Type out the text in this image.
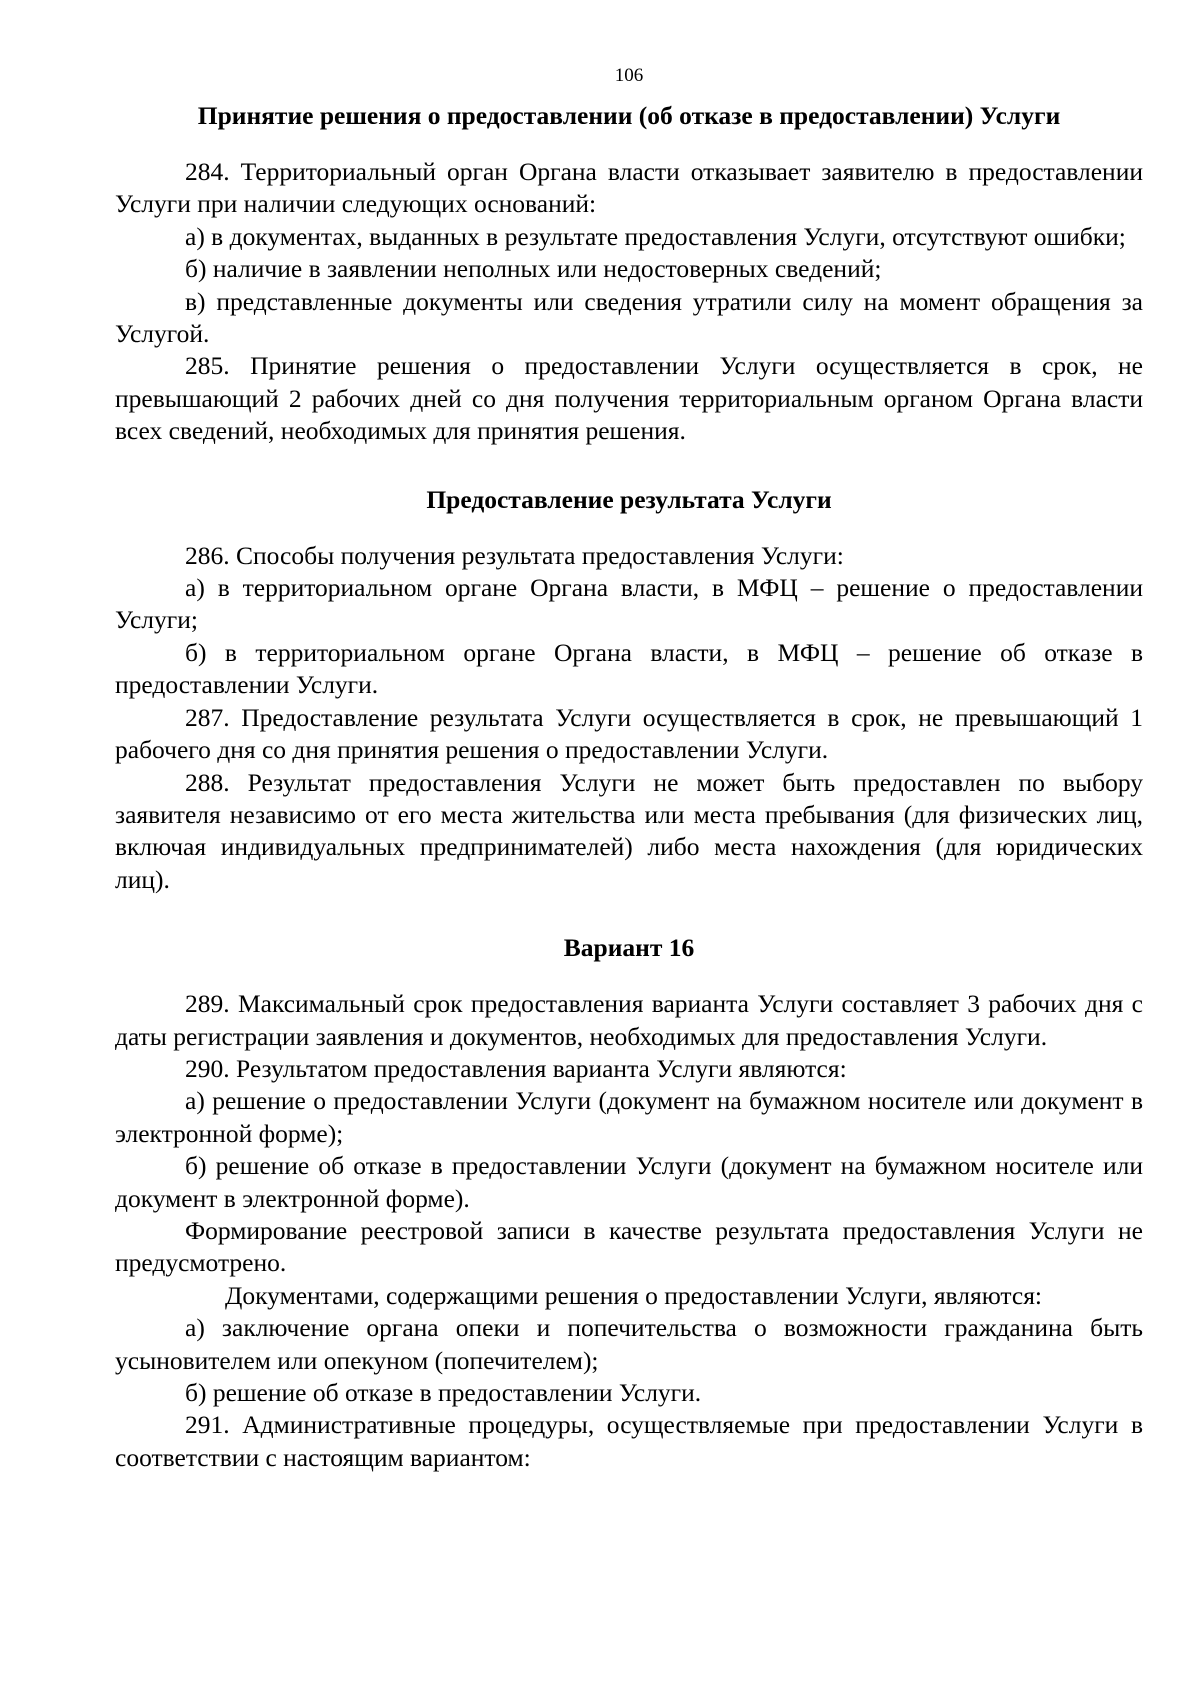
106
Принятие решения о предоставлении (об отказе в предоставлении) Услуги

284. Территориальный орган Органа власти отказывает заявителю в предоставлении Услуги при наличии следующих оснований:

а) в документах, выданных в результате предоставления Услуги, отсутствуют ошибки;

б) наличие в заявлении неполных или недостоверных сведений;

в) представленные документы или сведения утратили силу на момент обращения за Услугой.

285. Принятие решения о предоставлении Услуги осуществляется в срок, не превышающий 2 рабочих дней со дня получения территориальным органом Органа власти всех сведений, необходимых для принятия решения.

Предоставление результата Услуги

286. Способы получения результата предоставления Услуги:

а) в территориальном органе Органа власти, в МФЦ – решение о предоставлении Услуги;

б) в территориальном органе Органа власти, в МФЦ – решение об отказе в предоставлении Услуги.

287. Предоставление результата Услуги осуществляется в срок, не превышающий 1 рабочего дня со дня принятия решения о предоставлении Услуги.

288. Результат предоставления Услуги не может быть предоставлен по выбору заявителя независимо от его места жительства или места пребывания (для физических лиц, включая индивидуальных предпринимателей) либо места нахождения (для юридических лиц).

Вариант 16

289. Максимальный срок предоставления варианта Услуги составляет 3 рабочих дня с даты регистрации заявления и документов, необходимых для предоставления Услуги.

290. Результатом предоставления варианта Услуги являются:

а) решение о предоставлении Услуги (документ на бумажном носителе или документ в электронной форме);

б) решение об отказе в предоставлении Услуги (документ на бумажном носителе или документ в электронной форме).

Формирование реестровой записи в качестве результата предоставления Услуги не предусмотрено.

Документами, содержащими решения о предоставлении Услуги, являются:

а) заключение органа опеки и попечительства о возможности гражданина быть усыновителем или опекуном (попечителем);

б) решение об отказе в предоставлении Услуги.

291. Административные процедуры, осуществляемые при предоставлении Услуги в соответствии с настоящим вариантом:
